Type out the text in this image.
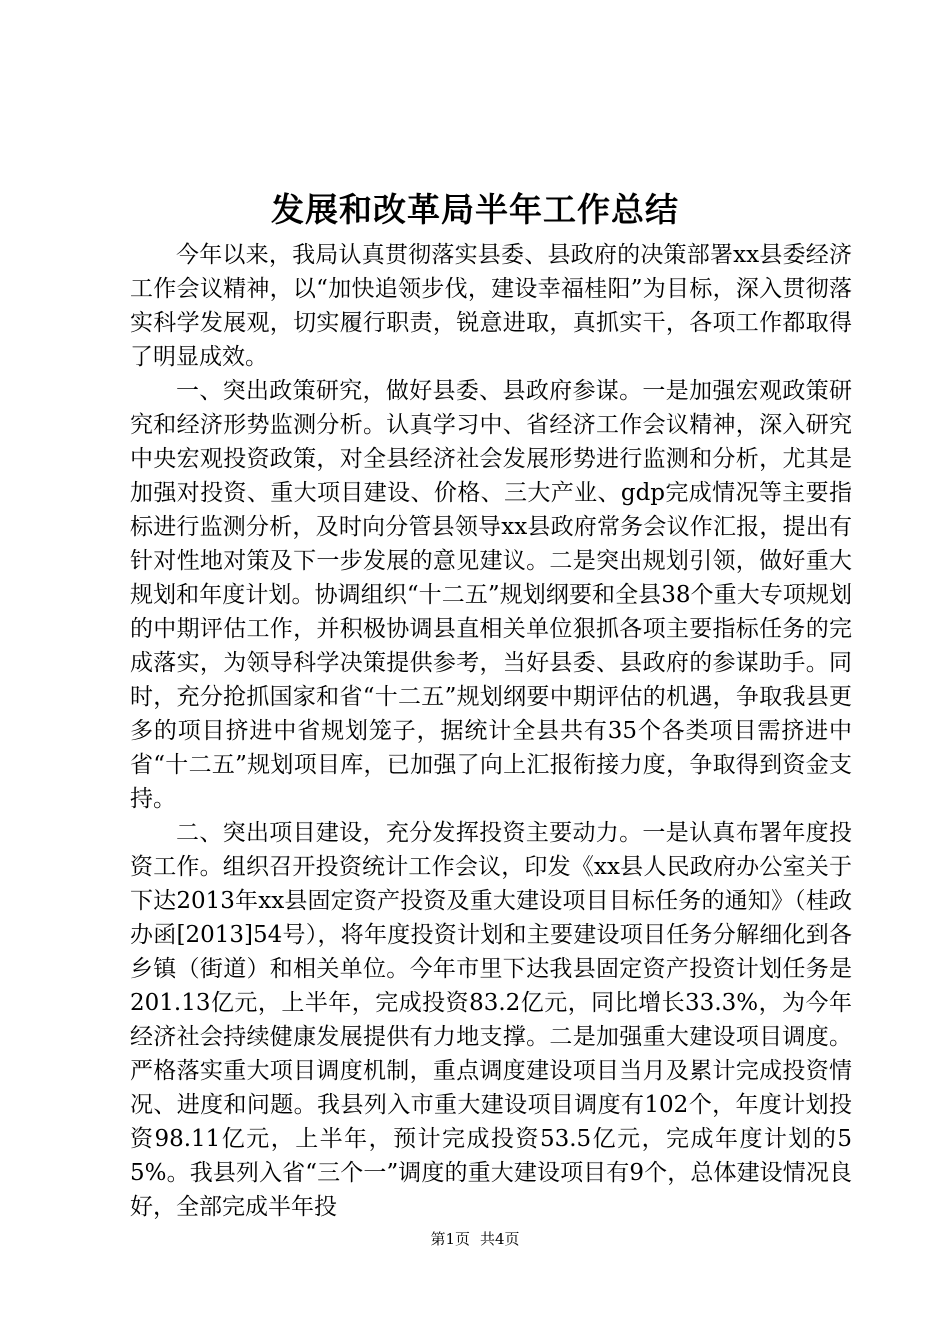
发展和改革局半年工作总结

今年以来，我局认真贯彻落实县委、县政府的决策部署xx县委经济工作会议精神，以“加快追领步伐，建设幸福桂阳”为目标，深入贯彻落实科学发展观，切实履行职责，锐意进取，真抓实干，各项工作都取得了明显成效。

一、突出政策研究，做好县委、县政府参谋。一是加强宏观政策研究和经济形势监测分析。认真学习中、省经济工作会议精神，深入研究中央宏观投资政策，对全县经济社会发展形势进行监测和分析，尤其是加强对投资、重大项目建设、价格、三大产业、gdp完成情况等主要指标进行监测分析，及时向分管县领导xx县政府常务会议作汇报，提出有针对性地对策及下一步发展的意见建议。二是突出规划引领，做好重大规划和年度计划。协调组织“十二五”规划纲要和全县38个重大专项规划的中期评估工作，并积极协调县直相关单位狠抓各项主要指标任务的完成落实，为领导科学决策提供参考，当好县委、县政府的参谋助手。同时，充分抢抓国家和省“十二五”规划纲要中期评估的机遇，争取我县更多的项目挤进中省规划笼子，据统计全县共有35个各类项目需挤进中省“十二五”规划项目库，已加强了向上汇报衔接力度，争取得到资金支持。

二、突出项目建设，充分发挥投资主要动力。一是认真布署年度投资工作。组织召开投资统计工作会议，印发《xx县人民政府办公室关于下达2013年xx县固定资产投资及重大建设项目目标任务的通知》（桂政办函[2013]54号），将年度投资计划和主要建设项目任务分解细化到各乡镇（街道）和相关单位。今年市里下达我县固定资产投资计划任务是201.13亿元，上半年，完成投资83.2亿元，同比增长33.3%，为今年经济社会持续健康发展提供有力地支撑。二是加强重大建设项目调度。严格落实重大项目调度机制，重点调度建设项目当月及累计完成投资情况、进度和问题。我县列入市重大建设项目调度有102个，年度计划投资98.11亿元，上半年，预计完成投资53.5亿元，完成年度计划的55%。我县列入省“三个一”调度的重大建设项目有9个，总体建设情况良好，全部完成半年投

第1页 共4页
